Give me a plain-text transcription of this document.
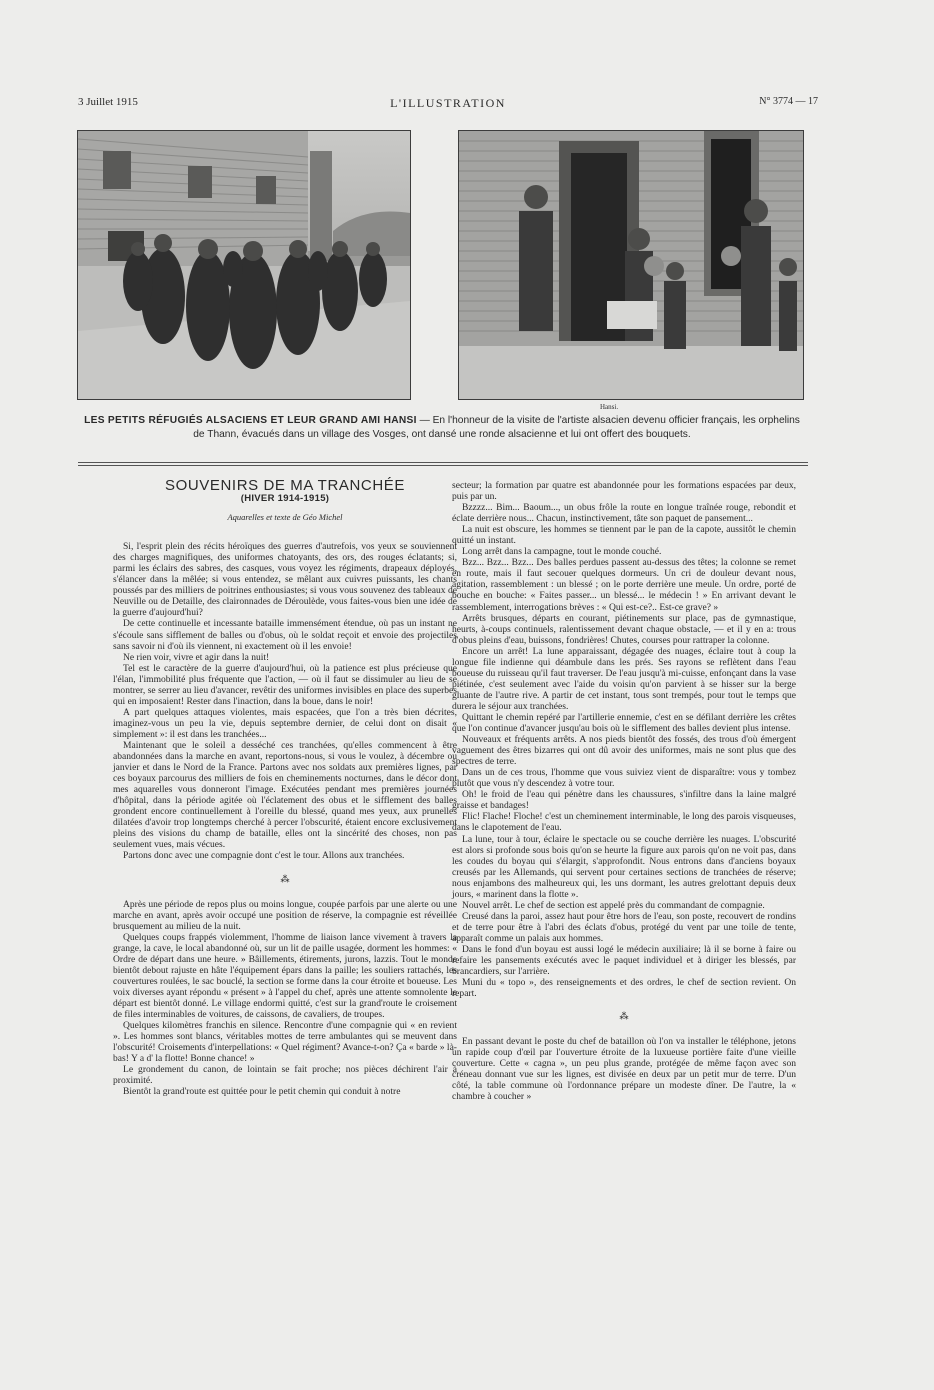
3 Juillet 1915	L'ILLUSTRATION	N° 3774 — 17
Hansi.
LES PETITS RÉFUGIÉS ALSACIENS ET LEUR GRAND AMI HANSI — En l'honneur de la visite de l'artiste alsacien devenu officier français, les orphelins de Thann, évacués dans un village des Vosges, ont dansé une ronde alsacienne et lui ont offert des bouquets.
SOUVENIRS DE MA TRANCHÉE
(HIVER 1914-1915)
Aquarelles et texte de Géo Michel

Si, l'esprit plein des récits héroïques des guerres d'autrefois, vos yeux se souviennent des charges magnifiques, des uniformes chatoyants, des ors, des rouges éclatants; si, parmi les éclairs des sabres, des casques, vous voyez les régiments, drapeaux déployés, s'élancer dans la mêlée; si vous entendez, se mêlant aux cuivres puissants, les chants poussés par des milliers de poitrines enthousiastes; si vous vous souvenez des tableaux de Neuville ou de Detaille, des claironnades de Déroulède, vous faites-vous bien une idée de la guerre d'aujourd'hui?

De cette continuelle et incessante bataille immensément étendue, où pas un instant ne s'écoule sans sifflement de balles ou d'obus, où le soldat reçoit et envoie des projectiles sans savoir ni d'où ils viennent, ni exactement où il les envoie!

Ne rien voir, vivre et agir dans la nuit!

Tel est le caractère de la guerre d'aujourd'hui, où la patience est plus précieuse que l'élan, l'immobilité plus fréquente que l'action, — où il faut se dissimuler au lieu de se montrer, se serrer au lieu d'avancer, revêtir des uniformes invisibles en place des superbes qui en imposaient! Rester dans l'inaction, dans la boue, dans le noir!

A part quelques attaques violentes, mais espacées, que l'on a très bien décrites, imaginez-vous un peu la vie, depuis septembre dernier, de celui dont on disait « simplement »: il est dans les tranchées...

Maintenant que le soleil a desséché ces tranchées, qu'elles commencent à être abandonnées dans la marche en avant, reportons-nous, si vous le voulez, à décembre ou janvier et dans le Nord de la France. Partons avec nos soldats aux premières lignes, par ces boyaux parcourus des milliers de fois en cheminements nocturnes, dans le décor dont mes aquarelles vous donneront l'image. Exécutées pendant mes premières journées d'hôpital, dans la période agitée où l'éclatement des obus et le sifflement des balles grondent encore continuellement à l'oreille du blessé, quand mes yeux, aux prunelles dilatées d'avoir trop longtemps cherché à percer l'obscurité, étaient encore exclusivement pleins des visions du champ de bataille, elles ont la sincérité des choses, non pas seulement vues, mais vécues.

Partons donc avec une compagnie dont c'est le tour. Allons aux tranchées.

⁂

Après une période de repos plus ou moins longue, coupée parfois par une alerte ou une marche en avant, après avoir occupé une position de réserve, la compagnie est réveillée brusquement au milieu de la nuit.

Quelques coups frappés violemment, l'homme de liaison lance vivement à travers la grange, la cave, le local abandonné où, sur un lit de paille usagée, dorment les hommes: « Ordre de départ dans une heure. » Bâillements, étirements, jurons, lazzis. Tout le monde bientôt debout rajuste en hâte l'équipement épars dans la paille; les souliers rattachés, les couvertures roulées, le sac bouclé, la section se forme dans la cour étroite et boueuse. Les voix diverses ayant répondu « présent » à l'appel du chef, après une attente somnolente le départ est bientôt donné. Le village endormi quitté, c'est sur la grand'route le croisement de files interminables de voitures, de caissons, de cavaliers, de troupes.

Quelques kilomètres franchis en silence. Rencontre d'une compagnie qui « en revient ». Les hommes sont blancs, véritables mottes de terre ambulantes qui se meuvent dans l'obscurité! Croisements d'interpellations: « Quel régiment? Avance-t-on? Ça « barde » là-bas! Y a d' la flotte! Bonne chance! »

Le grondement du canon, de lointain se fait proche; nos pièces déchirent l'air à proximité.

Bientôt la grand'route est quittée pour le petit chemin qui conduit à notre

secteur; la formation par quatre est abandonnée pour les formations espacées par deux, puis par un.

Bzzzz... Bim... Baoum..., un obus frôle la route en longue traînée rouge, rebondit et éclate derrière nous... Chacun, instinctivement, tâte son paquet de pansement...

La nuit est obscure, les hommes se tiennent par le pan de la capote, aussitôt le chemin quitté un instant.

Long arrêt dans la campagne, tout le monde couché.

Bzz... Bzz... Bzz... Des balles perdues passent au-dessus des têtes; la colonne se remet en route, mais il faut secouer quelques dormeurs. Un cri de douleur devant nous, agitation, rassemblement : un blessé ; on le porte derrière une meule. Un ordre, porté de bouche en bouche: « Faites passer... un blessé... le médecin ! » En arrivant devant le rassemblement, interrogations brèves : « Qui est-ce?.. Est-ce grave? »

Arrêts brusques, départs en courant, piétinements sur place, pas de gymnastique, heurts, à-coups continuels, ralentissement devant chaque obstacle, — et il y en a: trous d'obus pleins d'eau, buissons, fondrières! Chutes, courses pour rattraper la colonne.

Encore un arrêt! La lune apparaissant, dégagée des nuages, éclaire tout à coup la longue file indienne qui déambule dans les prés. Ses rayons se reflètent dans l'eau boueuse du ruisseau qu'il faut traverser. De l'eau jusqu'à mi-cuisse, enfonçant dans la vase piétinée, c'est seulement avec l'aide du voisin qu'on parvient à se hisser sur la berge gluante de l'autre rive. A partir de cet instant, tous sont trempés, pour tout le temps que durera le séjour aux tranchées.

Quittant le chemin repéré par l'artillerie ennemie, c'est en se défilant derrière les crêtes que l'on continue d'avancer jusqu'au bois où le sifflement des balles devient plus intense.

Nouveaux et fréquents arrêts. A nos pieds bientôt des fossés, des trous d'où émergent vaguement des êtres bizarres qui ont dû avoir des uniformes, mais ne sont plus que des spectres de terre.

Dans un de ces trous, l'homme que vous suiviez vient de disparaître: vous y tombez plutôt que vous n'y descendez à votre tour.

Oh! le froid de l'eau qui pénètre dans les chaussures, s'infiltre dans la laine malgré graisse et bandages!

Flic! Flache! Floche! c'est un cheminement interminable, le long des parois visqueuses, dans le clapotement de l'eau.

La lune, tour à tour, éclaire le spectacle ou se couche derrière les nuages. L'obscurité est alors si profonde sous bois qu'on se heurte la figure aux parois qu'on ne voit pas, dans les coudes du boyau qui s'élargit, s'approfondit. Nous entrons dans d'anciens boyaux creusés par les Allemands, qui servent pour certaines sections de tranchées de réserve; nous enjambons des malheureux qui, les uns dormant, les autres grelottant depuis deux jours, « marinent dans la flotte ».

Nouvel arrêt. Le chef de section est appelé près du commandant de compagnie.

Creusé dans la paroi, assez haut pour être hors de l'eau, son poste, recouvert de rondins et de terre pour être à l'abri des éclats d'obus, protégé du vent par une toile de tente, apparaît comme un palais aux hommes.

Dans le fond d'un boyau est aussi logé le médecin auxiliaire; là il se borne à faire ou refaire les pansements exécutés avec le paquet individuel et à diriger les blessés, par brancardiers, sur l'arrière.

Muni du « topo », des renseignements et des ordres, le chef de section revient. On repart.

⁂

En passant devant le poste du chef de bataillon où l'on va installer le téléphone, jetons un rapide coup d'œil par l'ouverture étroite de la luxueuse portière faite d'une vieille couverture. Cette « cagna », un peu plus grande, protégée de même façon avec son créneau donnant vue sur les lignes, est divisée en deux par un petit mur de terre. D'un côté, la table commune où l'ordonnance prépare un modeste dîner. De l'autre, la « chambre à coucher »
